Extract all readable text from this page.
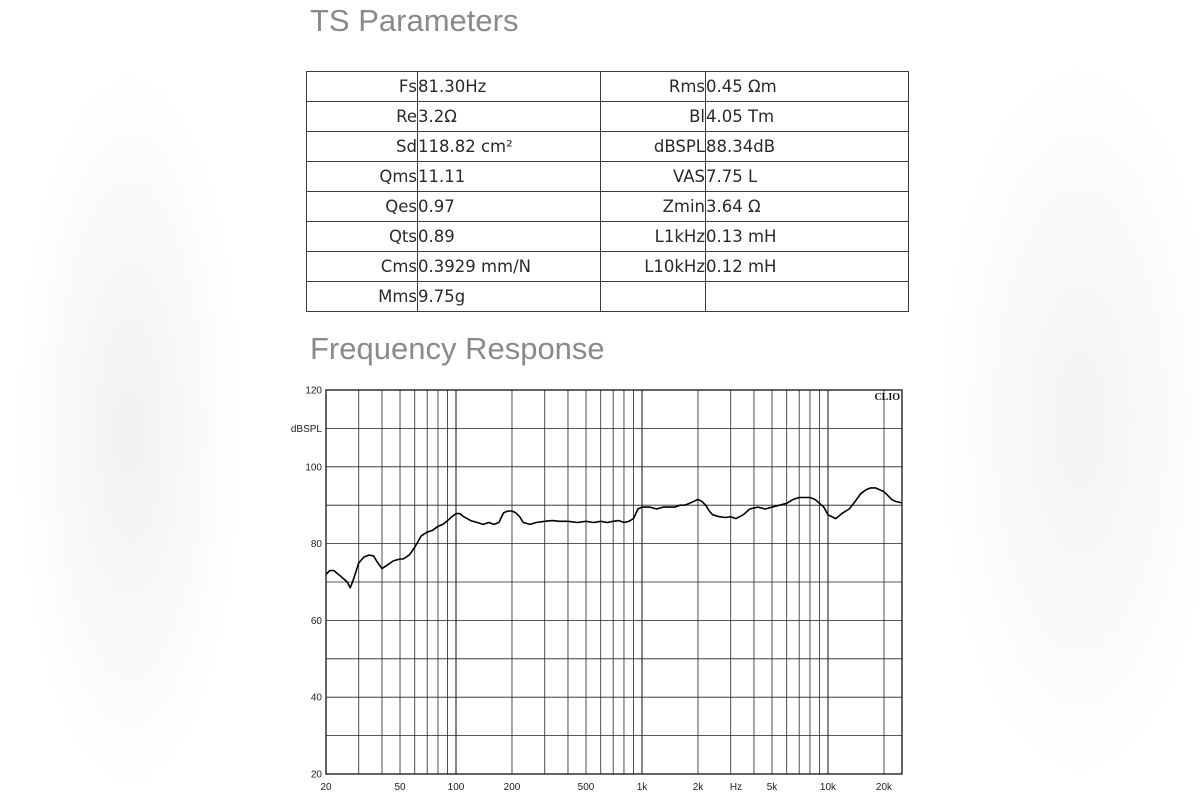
TS Parameters
Fs	81.30Hz	Rms	0.45 Ωm
Re	3.2Ω	Bl	4.05 Tm
Sd	118.82 cm²	dBSPL	88.34dB
Qms	11.11	VAS	7.75 L
Qes	0.97	Zmin	3.64 Ω
Qts	0.89	L1kHz	0.13 mH
Cms	0.3929 mm/N	L10kHz	0.12 mH
Mms	9.75g		
Frequency Response
120
100
80
60
40
20
dBSPL
20	50	100	200	500	1k	2k	5k	10k	20k
Hz
CLIO
